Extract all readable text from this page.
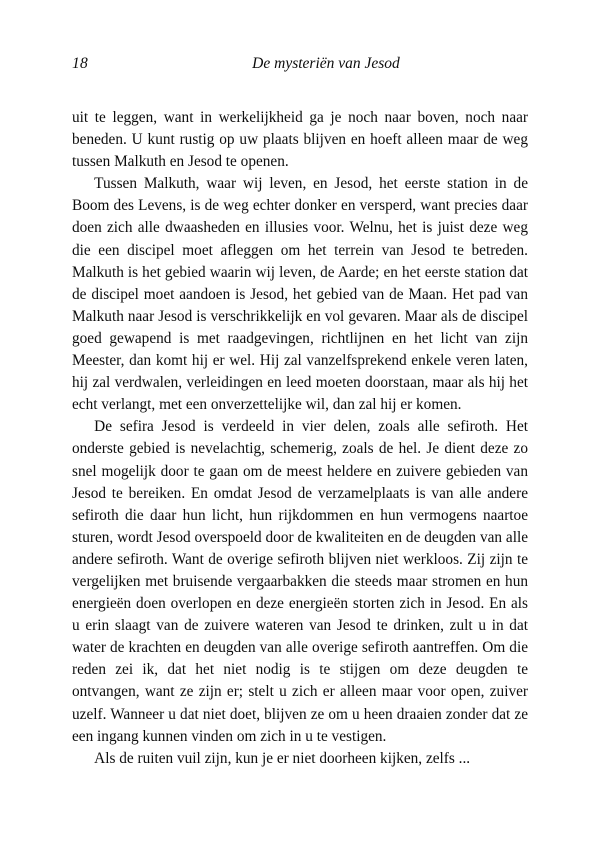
18	De mysteriën van Jesod

uit te leggen, want in werkelijkheid ga je noch naar boven, noch naar beneden. U kunt rustig op uw plaats blijven en hoeft alleen maar de weg tussen Malkuth en Jesod te openen.

Tussen Malkuth, waar wij leven, en Jesod, het eerste station in de Boom des Levens, is de weg echter donker en versperd, want precies daar doen zich alle dwaasheden en illusies voor. Welnu, het is juist deze weg die een discipel moet afleggen om het terrein van Jesod te betreden. Malkuth is het gebied waarin wij leven, de Aarde; en het eerste station dat de discipel moet aandoen is Jesod, het gebied van de Maan. Het pad van Malkuth naar Jesod is verschrikkelijk en vol gevaren. Maar als de discipel goed gewapend is met raadgevingen, richtlijnen en het licht van zijn Meester, dan komt hij er wel. Hij zal vanzelfsprekend enkele veren laten, hij zal verdwalen, verleidingen en leed moeten doorstaan, maar als hij het echt verlangt, met een onverzettelijke wil, dan zal hij er komen.

De sefira Jesod is verdeeld in vier delen, zoals alle sefiroth. Het onderste gebied is nevelachtig, schemerig, zoals de hel. Je dient deze zo snel mogelijk door te gaan om de meest heldere en zuivere gebieden van Jesod te bereiken. En omdat Jesod de verzamelplaats is van alle andere sefiroth die daar hun licht, hun rijkdommen en hun vermogens naartoe sturen, wordt Jesod overspoeld door de kwaliteiten en de deugden van alle andere sefiroth. Want de overige sefiroth blijven niet werkloos. Zij zijn te vergelijken met bruisende vergaarbakken die steeds maar stromen en hun energieën doen overlopen en deze energieën storten zich in Jesod. En als u erin slaagt van de zuivere wateren van Jesod te drinken, zult u in dat water de krachten en deugden van alle overige sefiroth aantreffen. Om die reden zei ik, dat het niet nodig is te stijgen om deze deugden te ontvangen, want ze zijn er; stelt u zich er alleen maar voor open, zuiver uzelf. Wanneer u dat niet doet, blijven ze om u heen draaien zonder dat ze een ingang kunnen vinden om zich in u te vestigen.

Als de ruiten vuil zijn, kun je er niet doorheen kijken, zelfs ...
